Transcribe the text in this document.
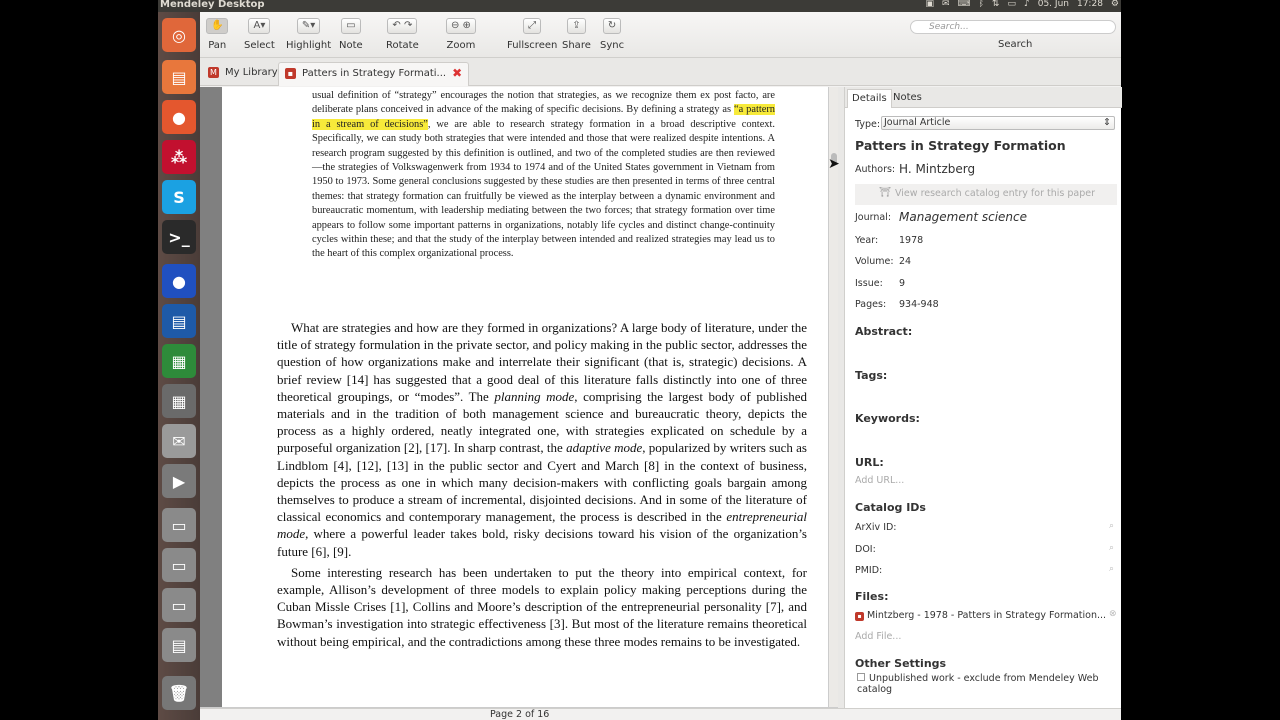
Mendeley Desktop	▣ ✉ ⌨ ᛒ ⇅ ▭ ♪ 05. Jun 17:28 ⚙
◎
▤
●
⁂
S
>_
●
▤
▦
▦
✉
▶
▭
▭
▭
▤
🗑
✋
Pan
A▾
Select
✎▾
Highlight
▭
Note
↶ ↷
Rotate
⊖ ⊕
Zoom
⤢
Fullscreen
⇪
Share
↻
Sync
Search...
Search
M My Library	▪ Patters in Strategy Formati... ✖
usual definition of “strategy” encourages the notion that strategies, as we recognize them ex post facto, are deliberate plans conceived in advance of the making of specific decisions. By defining a strategy as “a pattern in a stream of decisions”, we are able to research strategy formation in a broad descriptive context. Specifically, we can study both strategies that were intended and those that were realized despite intentions. A research program suggested by this definition is outlined, and two of the completed studies are then reviewed—the strategies of Volkswagenwerk from 1934 to 1974 and of the United States government in Vietnam from 1950 to 1973. Some general conclusions suggested by these studies are then presented in terms of three central themes: that strategy formation can fruitfully be viewed as the interplay between a dynamic environment and bureaucratic momentum, with leadership mediating between the two forces; that strategy formation over time appears to follow some important patterns in organizations, notably life cycles and distinct change-continuity cycles within these; and that the study of the interplay between intended and realized strategies may lead us to the heart of this complex organizational process.

What are strategies and how are they formed in organizations? A large body of literature, under the title of strategy formulation in the private sector, and policy making in the public sector, addresses the question of how organizations make and interrelate their significant (that is, strategic) decisions. A brief review [14] has suggested that a good deal of this literature falls distinctly into one of three theoretical groupings, or “modes”. The planning mode, comprising the largest body of published materials and in the tradition of both management science and bureaucratic theory, depicts the process as a highly ordered, neatly integrated one, with strategies explicated on schedule by a purposeful organization [2], [17]. In sharp contrast, the adaptive mode, popularized by writers such as Lindblom [4], [12], [13] in the public sector and Cyert and March [8] in the context of business, depicts the process as one in which many decision-makers with conflicting goals bargain among themselves to produce a stream of incremental, disjointed decisions. And in some of the literature of classical economics and contemporary management, the process is described in the entrepreneurial mode, where a powerful leader takes bold, risky decisions toward his vision of the organization’s future [6], [9].

Some interesting research has been undertaken to put the theory into empirical context, for example, Allison’s development of three models to explain policy making perceptions during the Cuban Missle Crises [1], Collins and Moore’s description of the entrepreneurial personality [7], and Bowman’s investigation into strategic effectiveness [3]. But most of the literature remains theoretical without being empirical, and the contradictions among these three modes remains to be investigated.

Details Notes
Type: Journal Article	⇕
Patters in Strategy Formation
Authors: H. Mintzberg
⛩ View research catalog entry for this paper
Journal: Management science
Year: 1978
Volume: 24
Issue: 9
Pages: 934-948
Abstract:
Tags:
Keywords:
URL:
Add URL...
Catalog IDs
ArXiv ID:	⌕
DOI:	⌕
PMID:	⌕
Files:
▪ Mintzberg - 1978 - Patters in Strategy Formation... ⊗
Add File...
Other Settings
Unpublished work - exclude from Mendeley Web catalog
Page 2 of 16
➤
